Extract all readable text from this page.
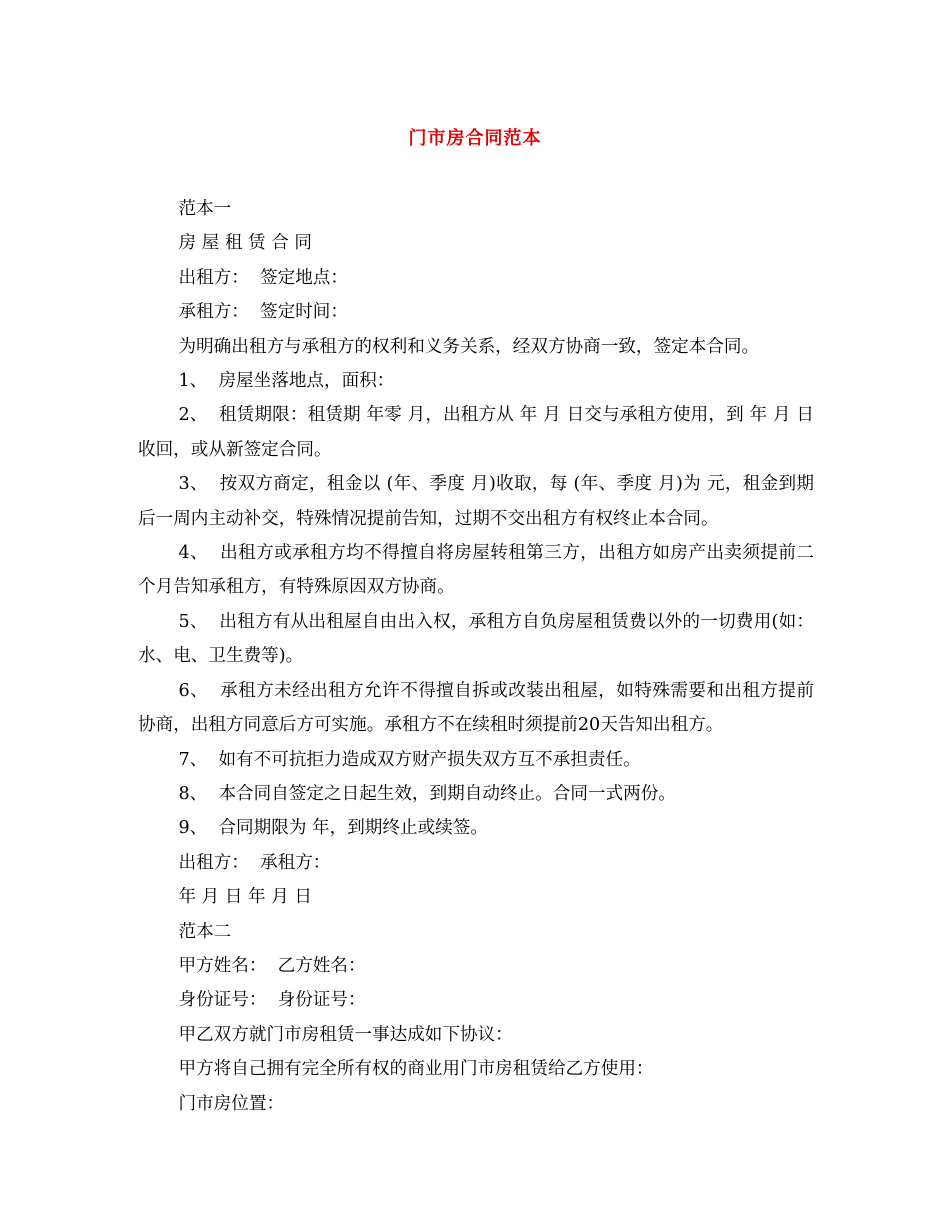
门市房合同范本

范本一

房 屋 租 赁 合 同

出租方：  签定地点：

承租方：  签定时间：

为明确出租方与承租方的权利和义务关系，经双方协商一致，签定本合同。

1、  房屋坐落地点，面积：

2、  租赁期限：租赁期 年零 月，出租方从 年 月 日交与承租方使用，到 年 月 日收回，或从新签定合同。

3、  按双方商定，租金以 (年、季度 月)收取，每 (年、季度 月)为 元，租金到期后一周内主动补交，特殊情况提前告知，过期不交出租方有权终止本合同。

4、  出租方或承租方均不得擅自将房屋转租第三方，出租方如房产出卖须提前二个月告知承租方，有特殊原因双方协商。

5、  出租方有从出租屋自由出入权，承租方自负房屋租赁费以外的一切费用(如：水、电、卫生费等)。

6、  承租方未经出租方允许不得擅自拆或改装出租屋，如特殊需要和出租方提前协商，出租方同意后方可实施。承租方不在续租时须提前20天告知出租方。

7、  如有不可抗拒力造成双方财产损失双方互不承担责任。

8、  本合同自签定之日起生效，到期自动终止。合同一式两份。

9、  合同期限为 年，到期终止或续签。

出租方：  承租方：

年 月 日 年 月 日

范本二

甲方姓名：  乙方姓名：

身份证号：  身份证号：

甲乙双方就门市房租赁一事达成如下协议：

甲方将自己拥有完全所有权的商业用门市房租赁给乙方使用：

门市房位置：
